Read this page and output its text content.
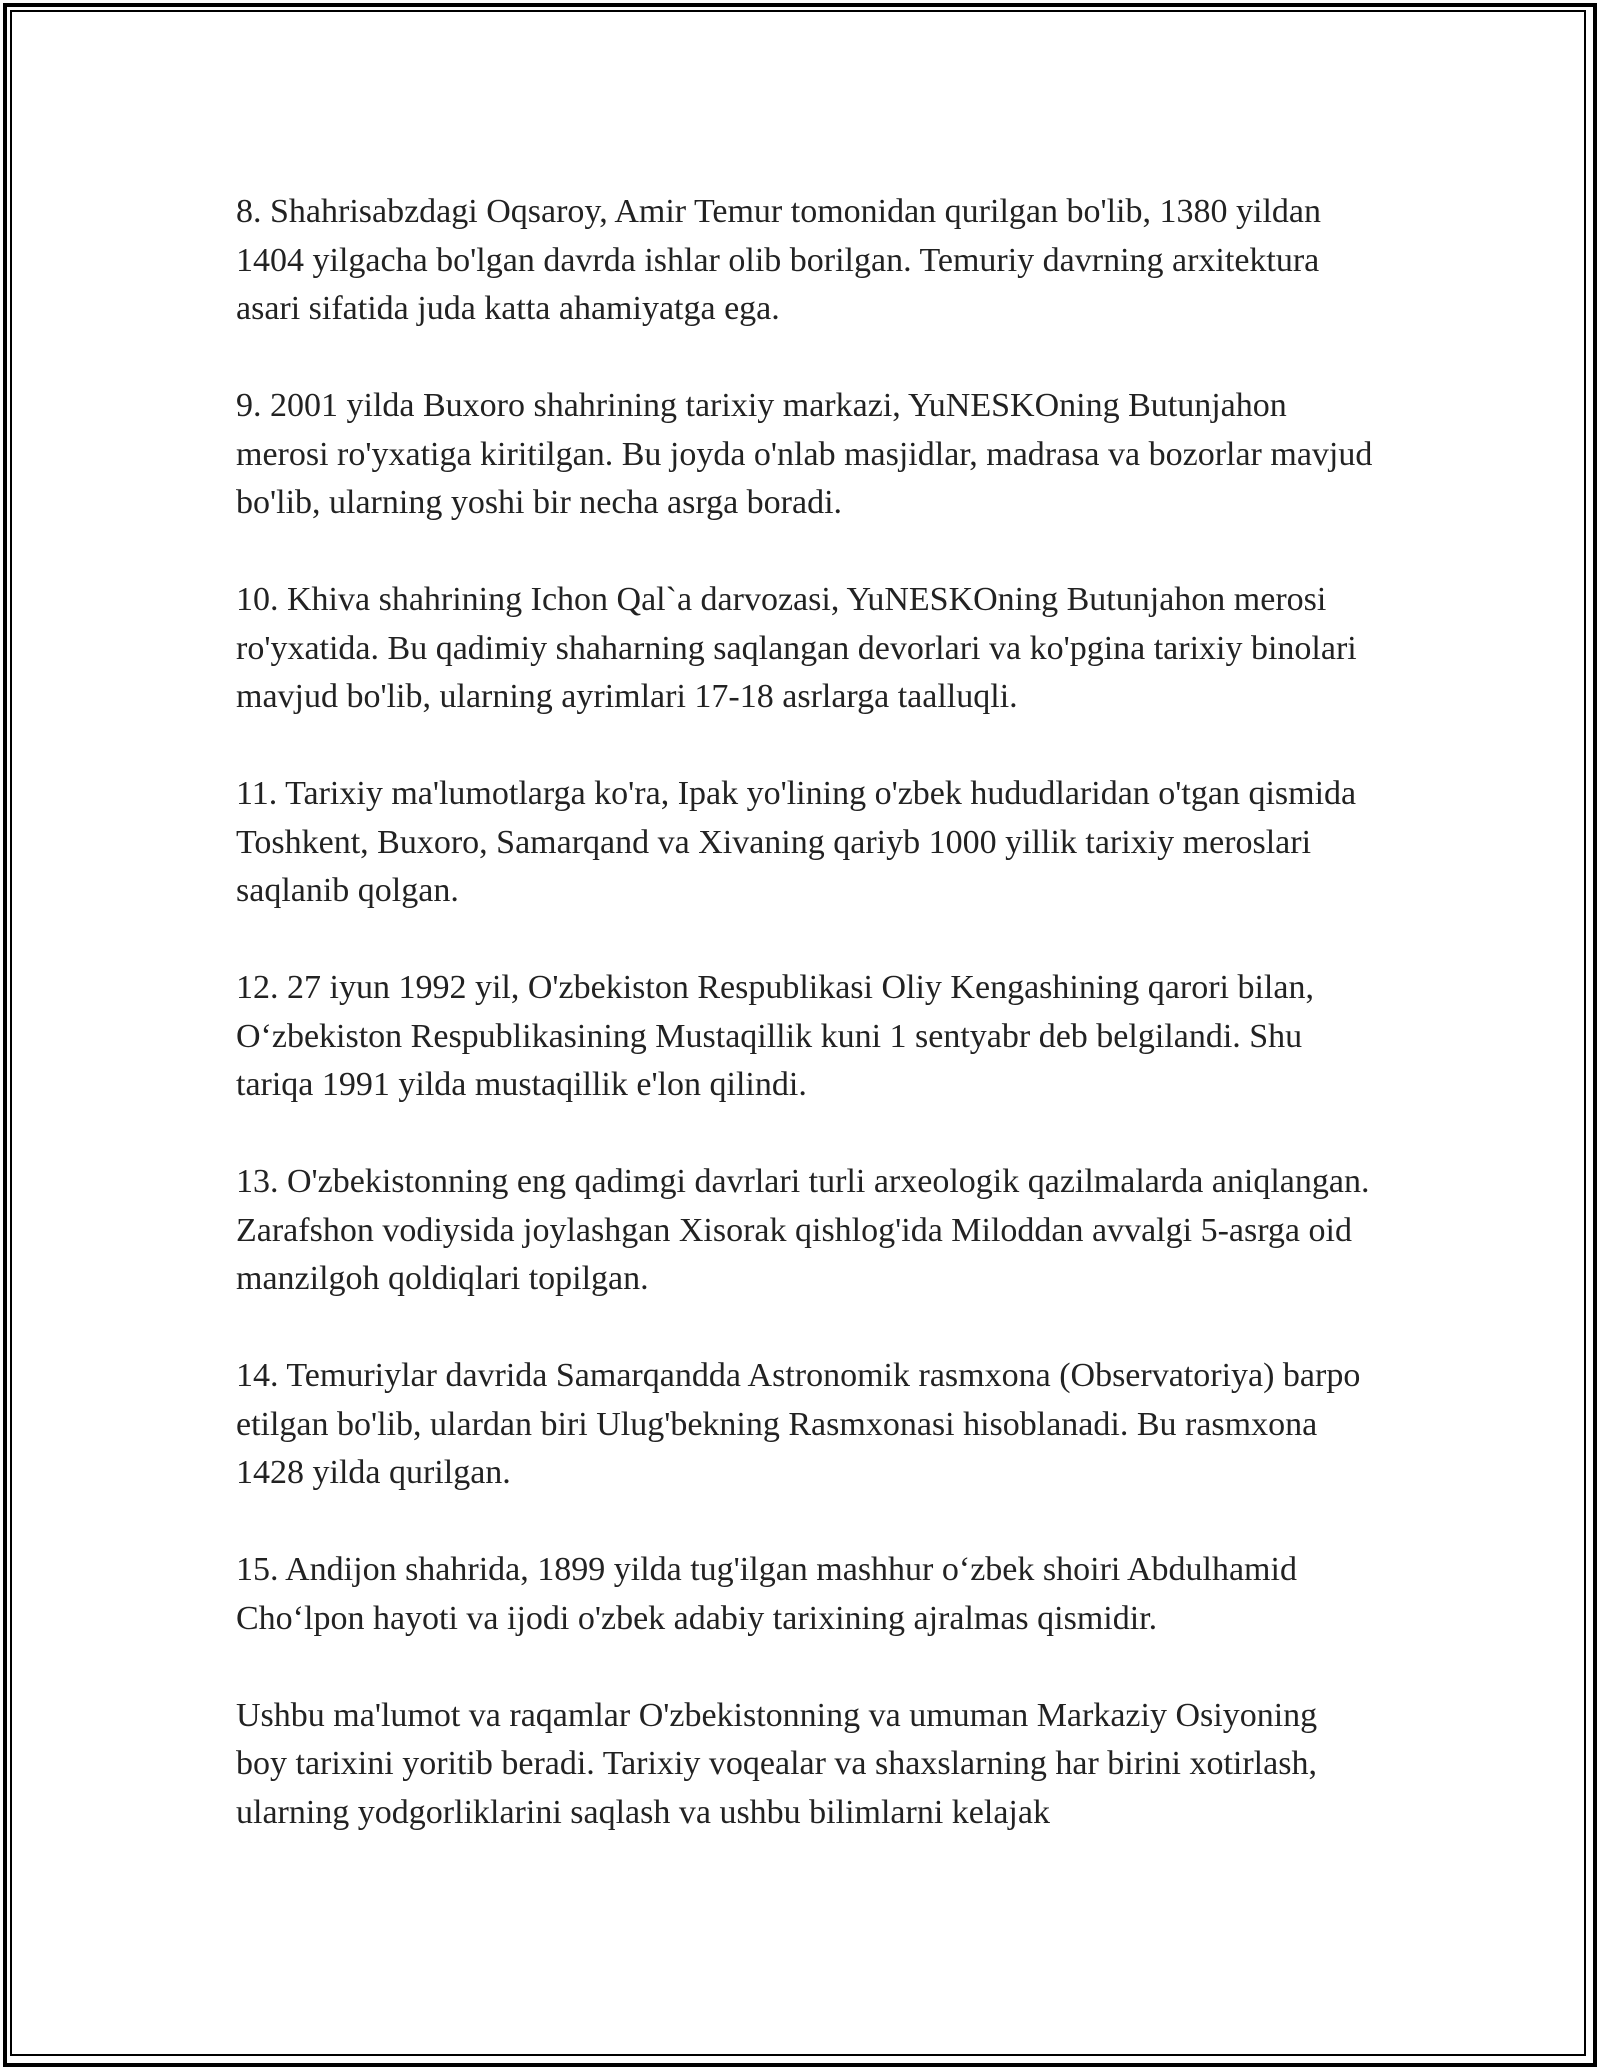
8. Shahrisabzdagi Oqsaroy, Amir Temur tomonidan qurilgan bo'lib, 1380 yildan 1404 yilgacha bo'lgan davrda ishlar olib borilgan. Temuriy davrning arxitektura asari sifatida juda katta ahamiyatga ega.

9. 2001 yilda Buxoro shahrining tarixiy markazi, YuNESKOning Butunjahon merosi ro'yxatiga kiritilgan. Bu joyda o'nlab masjidlar, madrasa va bozorlar mavjud bo'lib, ularning yoshi bir necha asrga boradi.

10. Khiva shahrining Ichon Qal`a darvozasi, YuNESKOning Butunjahon merosi ro'yxatida. Bu qadimiy shaharning saqlangan devorlari va ko'pgina tarixiy binolari mavjud bo'lib, ularning ayrimlari 17-18 asrlarga taalluqli.

11. Tarixiy ma'lumotlarga ko'ra, Ipak yo'lining o'zbek hududlaridan o'tgan qismida Toshkent, Buxoro, Samarqand va Xivaning qariyb 1000 yillik tarixiy meroslari saqlanib qolgan.

12. 27 iyun 1992 yil, O'zbekiston Respublikasi Oliy Kengashining qarori bilan, O‘zbekiston Respublikasining Mustaqillik kuni 1 sentyabr deb belgilandi. Shu tariqa 1991 yilda mustaqillik e'lon qilindi.

13. O'zbekistonning eng qadimgi davrlari turli arxeologik qazilmalarda aniqlangan. Zarafshon vodiysida joylashgan Xisorak qishlog'ida Miloddan avvalgi 5-asrga oid manzilgoh qoldiqlari topilgan.

14. Temuriylar davrida Samarqandda Astronomik rasmxona (Observatoriya) barpo etilgan bo'lib, ulardan biri Ulug'bekning Rasmxonasi hisoblanadi. Bu rasmxona 1428 yilda qurilgan.

15. Andijon shahrida, 1899 yilda tug'ilgan mashhur o‘zbek shoiri Abdulhamid Cho‘lpon hayoti va ijodi o'zbek adabiy tarixining ajralmas qismidir.

Ushbu ma'lumot va raqamlar O'zbekistonning va umuman Markaziy Osiyoning boy tarixini yoritib beradi. Tarixiy voqealar va shaxslarning har birini xotirlash, ularning yodgorliklarini saqlash va ushbu bilimlarni kelajak
